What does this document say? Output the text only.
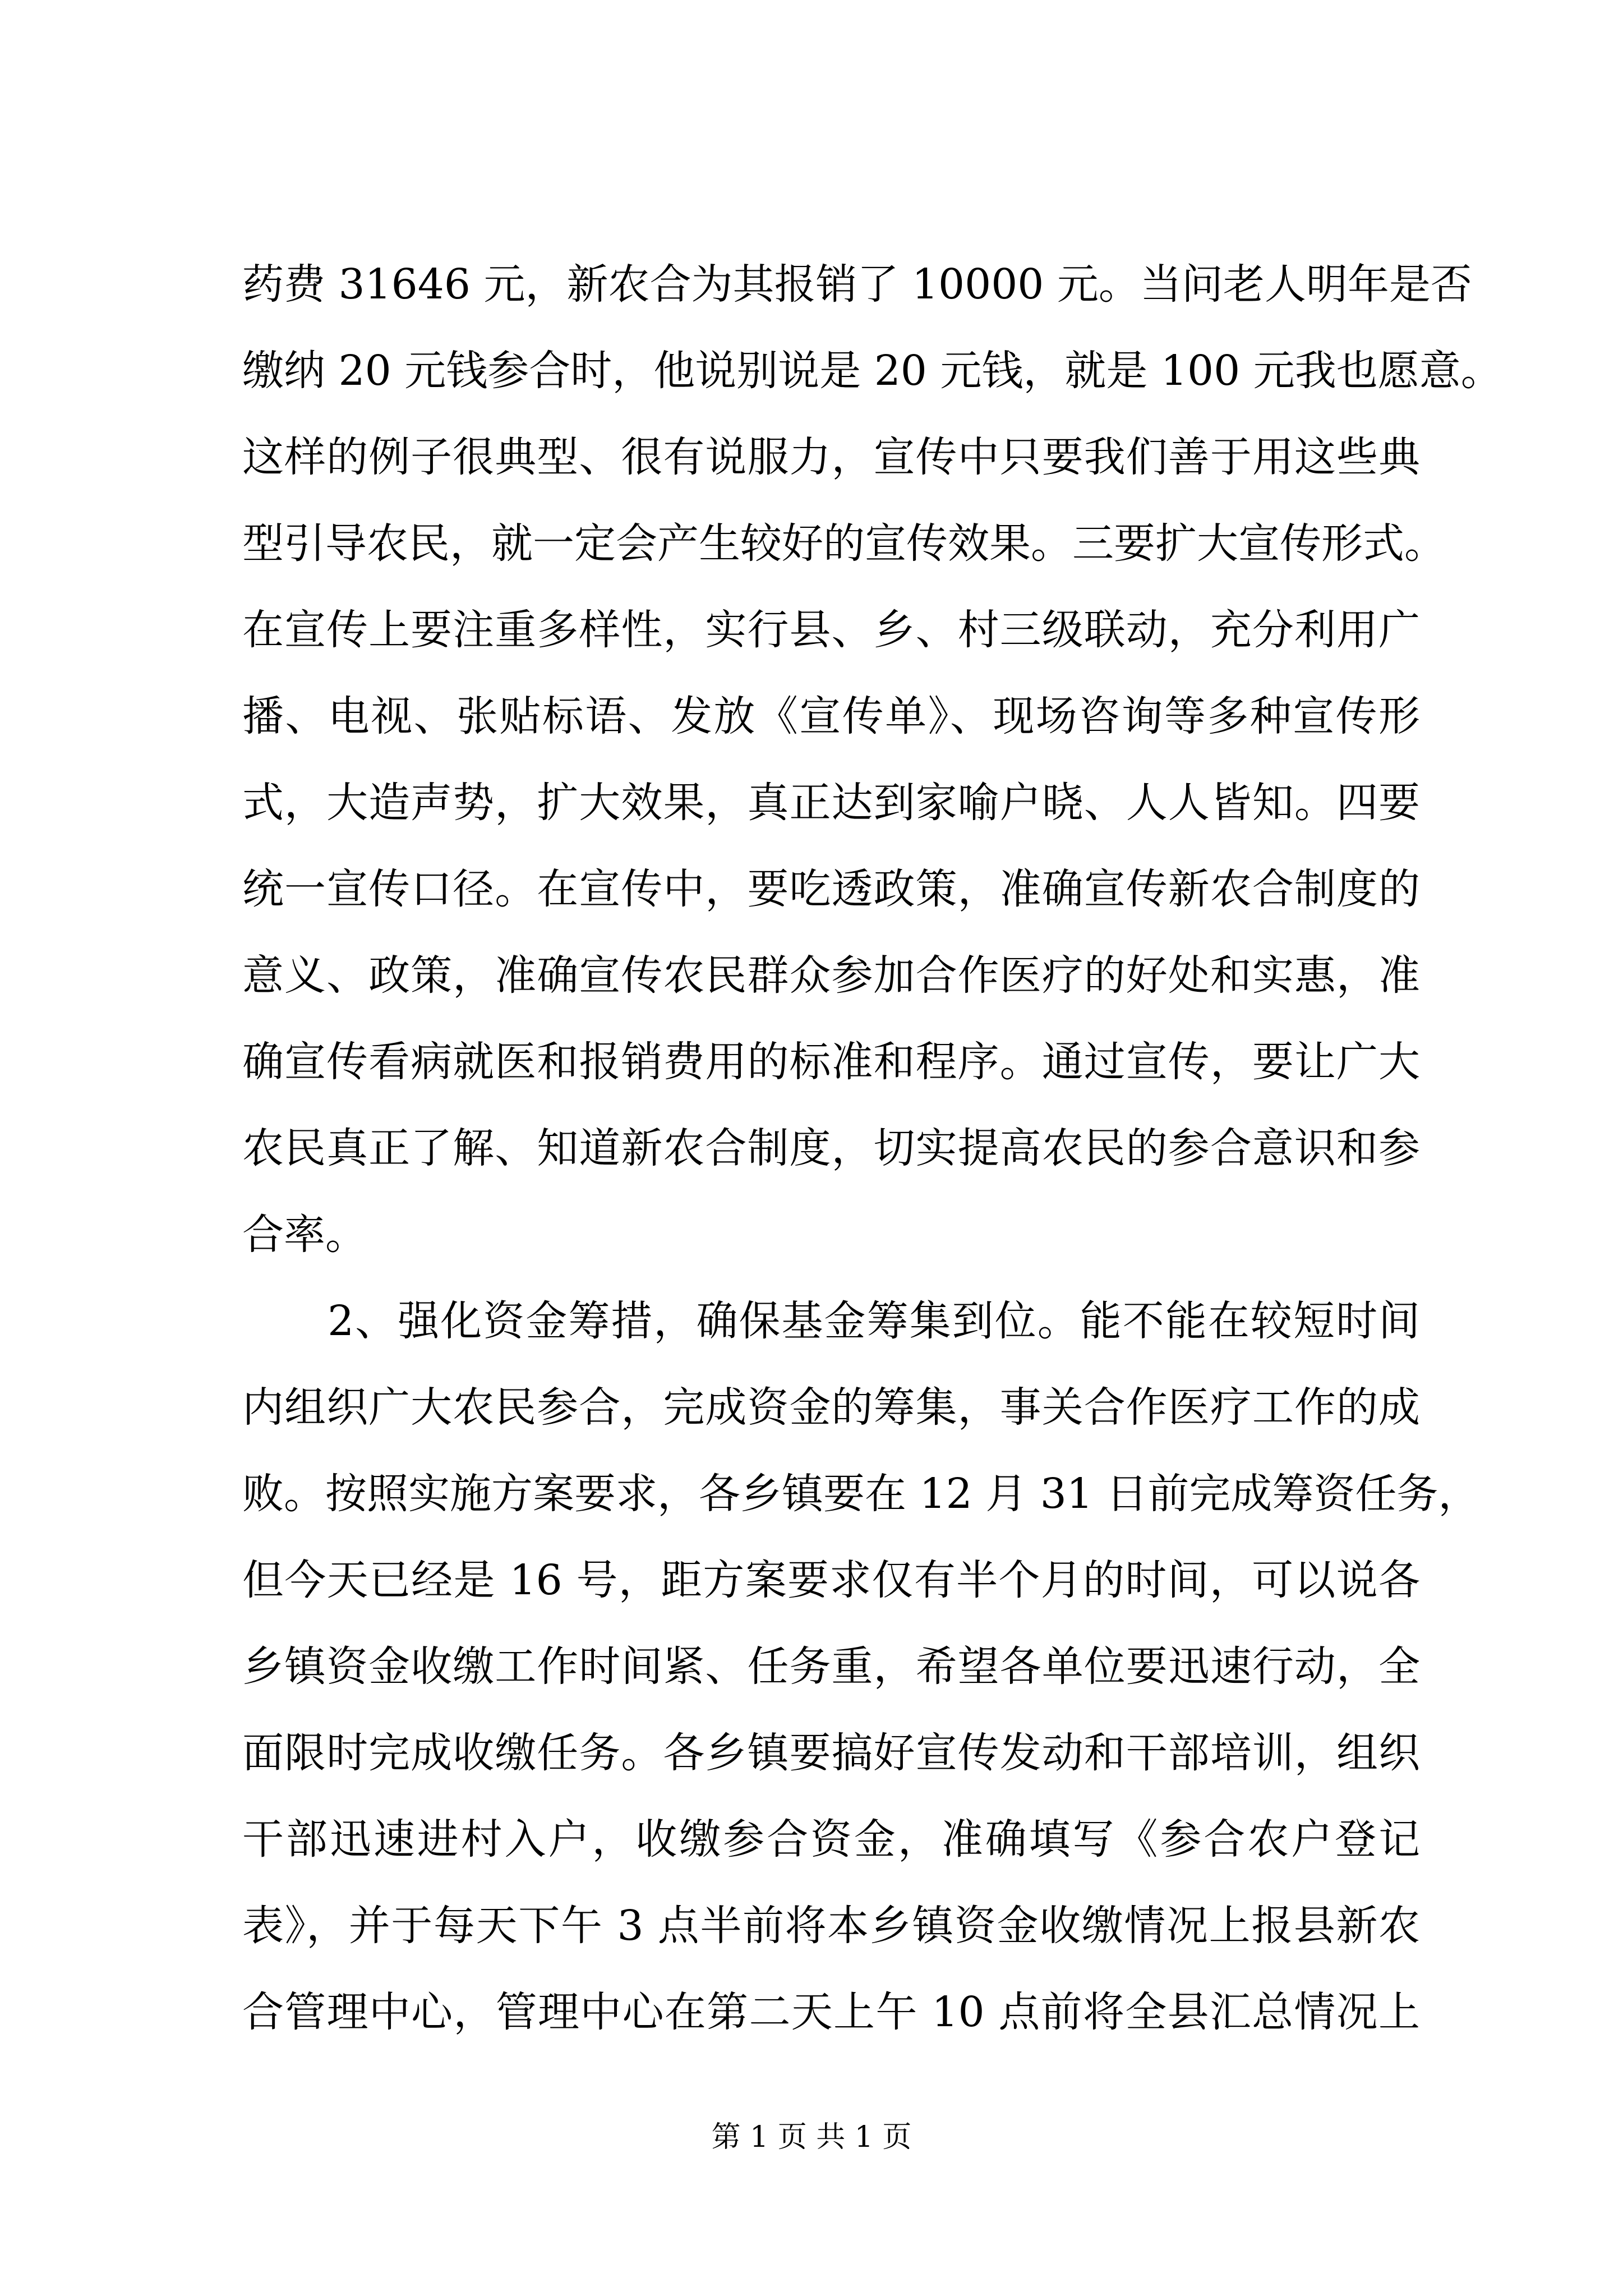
药费 31646 元，新农合为其报销了 10000 元。当问老人明年是否
缴纳 20 元钱参合时，他说别说是 20 元钱，就是 100 元我也愿意。
这样的例子很典型、很有说服力，宣传中只要我们善于用这些典
型引导农民，就一定会产生较好的宣传效果。三要扩大宣传形式。
在宣传上要注重多样性，实行县、乡、村三级联动，充分利用广
播、电视、张贴标语、发放《宣传单》、现场咨询等多种宣传形
式，大造声势，扩大效果，真正达到家喻户晓、人人皆知。四要
统一宣传口径。在宣传中，要吃透政策，准确宣传新农合制度的
意义、政策，准确宣传农民群众参加合作医疗的好处和实惠，准
确宣传看病就医和报销费用的标准和程序。通过宣传，要让广大
农民真正了解、知道新农合制度，切实提高农民的参合意识和参
合率。
　　2、强化资金筹措，确保基金筹集到位。能不能在较短时间
内组织广大农民参合，完成资金的筹集，事关合作医疗工作的成
败。按照实施方案要求，各乡镇要在 12 月 31 日前完成筹资任务，
但今天已经是 16 号，距方案要求仅有半个月的时间，可以说各
乡镇资金收缴工作时间紧、任务重，希望各单位要迅速行动，全
面限时完成收缴任务。各乡镇要搞好宣传发动和干部培训，组织
干部迅速进村入户，收缴参合资金，准确填写《参合农户登记
表》，并于每天下午 3 点半前将本乡镇资金收缴情况上报县新农
合管理中心，管理中心在第二天上午 10 点前将全县汇总情况上
第 1 页 共 1 页
